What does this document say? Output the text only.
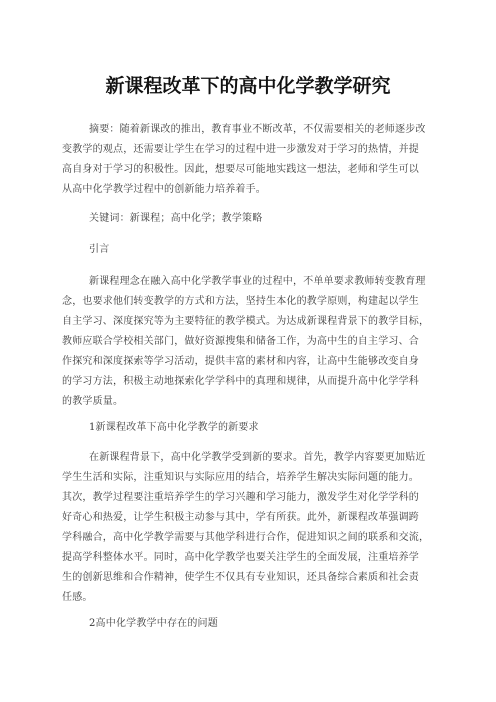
新课程改革下的高中化学教学研究
摘要：随着新课改的推出，教育事业不断改革，不仅需要相关的老师逐步改
变教学的观点，还需要让学生在学习的过程中进一步激发对于学习的热情，并提
高自身对于学习的积极性。因此，想要尽可能地实践这一想法，老师和学生可以
从高中化学教学过程中的创新能力培养着手。
关键词：新课程；高中化学；教学策略
引言
新课程理念在融入高中化学教学事业的过程中，不单单要求教师转变教育理
念，也要求他们转变教学的方式和方法，坚持生本化的教学原则，构建起以学生
自主学习、深度探究等为主要特征的教学模式。为达成新课程背景下的教学目标，
教师应联合学校相关部门，做好资源搜集和储备工作，为高中生的自主学习、合
作探究和深度探索等学习活动，提供丰富的素材和内容，让高中生能够改变自身
的学习方法，积极主动地探索化学学科中的真理和规律，从而提升高中化学学科
的教学质量。
1新课程改革下高中化学教学的新要求
在新课程背景下，高中化学教学受到新的要求。首先，教学内容要更加贴近
学生生活和实际，注重知识与实际应用的结合，培养学生解决实际问题的能力。
其次，教学过程要注重培养学生的学习兴趣和学习能力，激发学生对化学学科的
好奇心和热爱，让学生积极主动参与其中，学有所获。此外，新课程改革强调跨
学科融合，高中化学教学需要与其他学科进行合作，促进知识之间的联系和交流，
提高学科整体水平。同时，高中化学教学也要关注学生的全面发展，注重培养学
生的创新思维和合作精神，使学生不仅具有专业知识，还具备综合素质和社会责
任感。
2高中化学教学中存在的问题
